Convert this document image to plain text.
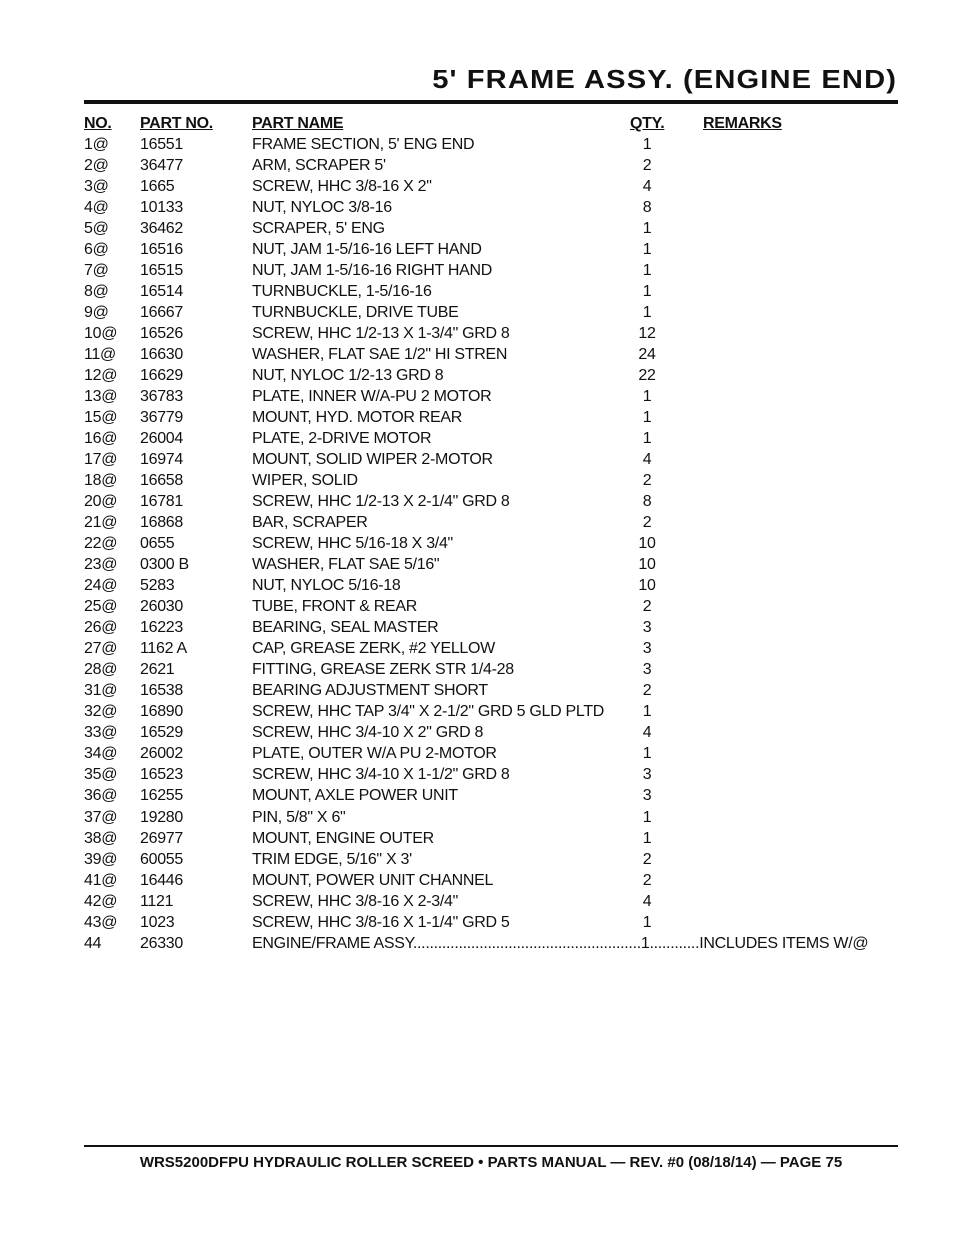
5' FRAME ASSY. (ENGINE END)
NO. PART NO. PART NAME	QTY. REMARKS
1@ 16551	FRAME SECTION, 5' ENG END	1
2@ 36477	ARM, SCRAPER 5'	2
3@ 1665	SCREW, HHC 3/8-16 X 2"	4
4@ 10133	NUT, NYLOC 3/8-16	8
5@ 36462	SCRAPER, 5' ENG	1
6@ 16516	NUT, JAM 1-5/16-16 LEFT HAND	1
7@ 16515	NUT, JAM 1-5/16-16 RIGHT HAND	1
8@ 16514	TURNBUCKLE, 1-5/16-16	1
9@ 16667	TURNBUCKLE, DRIVE TUBE	1
10@ 16526	SCREW, HHC 1/2-13 X 1-3/4" GRD 8	12
11@ 16630	WASHER, FLAT SAE 1/2" HI STREN	24
12@ 16629	NUT, NYLOC 1/2-13 GRD 8	22
13@ 36783	PLATE, INNER W/A-PU 2 MOTOR	1
15@ 36779	MOUNT, HYD. MOTOR REAR	1
16@ 26004	PLATE, 2-DRIVE MOTOR	1
17@ 16974	MOUNT, SOLID WIPER 2-MOTOR	4
18@ 16658	WIPER, SOLID	2
20@ 16781	SCREW, HHC 1/2-13 X 2-1/4" GRD 8	8
21@ 16868	BAR, SCRAPER	2
22@ 0655	SCREW, HHC 5/16-18 X 3/4"	10
23@ 0300 B	WASHER, FLAT SAE 5/16"	10
24@ 5283	NUT, NYLOC 5/16-18	10
25@ 26030	TUBE, FRONT & REAR	2
26@ 16223	BEARING, SEAL MASTER	3
27@ 1162 A	CAP, GREASE ZERK, #2 YELLOW	3
28@ 2621	FITTING, GREASE ZERK STR 1/4-28	3
31@ 16538	BEARING ADJUSTMENT SHORT	2
32@ 16890	SCREW, HHC TAP 3/4" X 2-1/2" GRD 5 GLD PLTD	1
33@ 16529	SCREW, HHC 3/4-10 X 2" GRD 8	4
34@ 26002	PLATE, OUTER W/A PU 2-MOTOR	1
35@ 16523	SCREW, HHC 3/4-10 X 1-1/2" GRD 8	3
36@ 16255	MOUNT, AXLE POWER UNIT	3
37@ 19280	PIN, 5/8" X 6"	1
38@ 26977	MOUNT, ENGINE OUTER	1
39@ 60055	TRIM EDGE, 5/16" X 3'	2
41@ 16446	MOUNT, POWER UNIT CHANNEL	2
42@ 1121	SCREW, HHC 3/8-16 X 2-3/4"	4
43@ 1023	SCREW, HHC 3/8-16 X 1-1/4" GRD 5	1
44 26330	ENGINE/FRAME ASSY.......................................................1............INCLUDES ITEMS W/@
WRS5200DFPU HYDRAULIC ROLLER SCREED • PARTS MANUAL — REV. #0 (08/18/14) — PAGE 75
